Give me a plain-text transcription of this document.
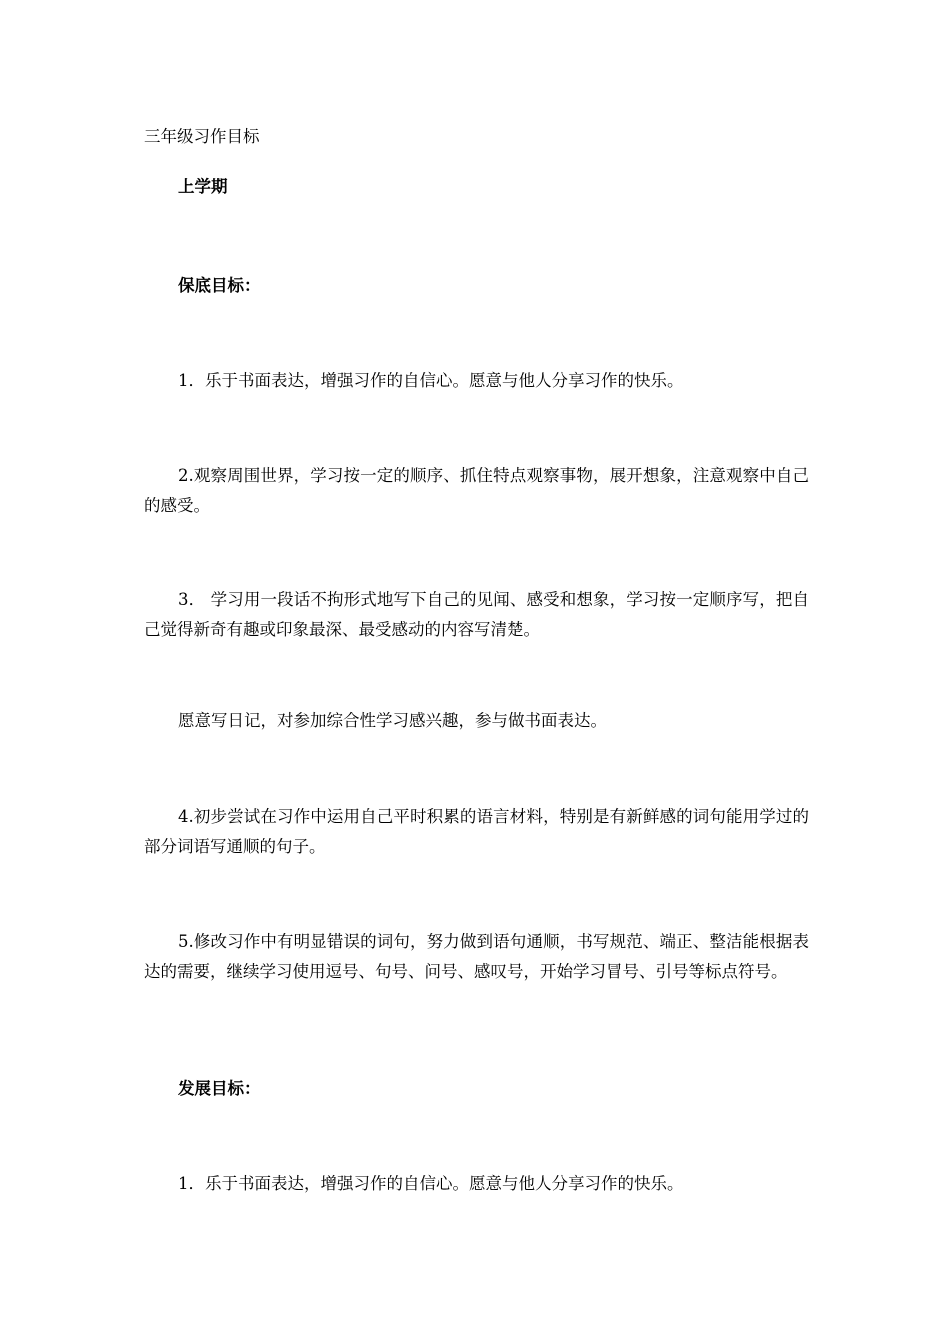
三年级习作目标
上学期
保底目标：
1．乐于书面表达，增强习作的自信心。愿意与他人分享习作的快乐。
2.观察周围世界，学习按一定的顺序、抓住特点观察事物，展开想象，注意观察中自己的感受。
3． 学习用一段话不拘形式地写下自己的见闻、感受和想象，学习按一定顺序写，把自己觉得新奇有趣或印象最深、最受感动的内容写清楚。
愿意写日记，对参加综合性学习感兴趣，参与做书面表达。
4.初步尝试在习作中运用自己平时积累的语言材料，特别是有新鲜感的词句能用学过的部分词语写通顺的句子。
5.修改习作中有明显错误的词句，努力做到语句通顺，书写规范、端正、整洁能根据表达的需要，继续学习使用逗号、句号、问号、感叹号，开始学习冒号、引号等标点符号。
发展目标：
1．乐于书面表达，增强习作的自信心。愿意与他人分享习作的快乐。
